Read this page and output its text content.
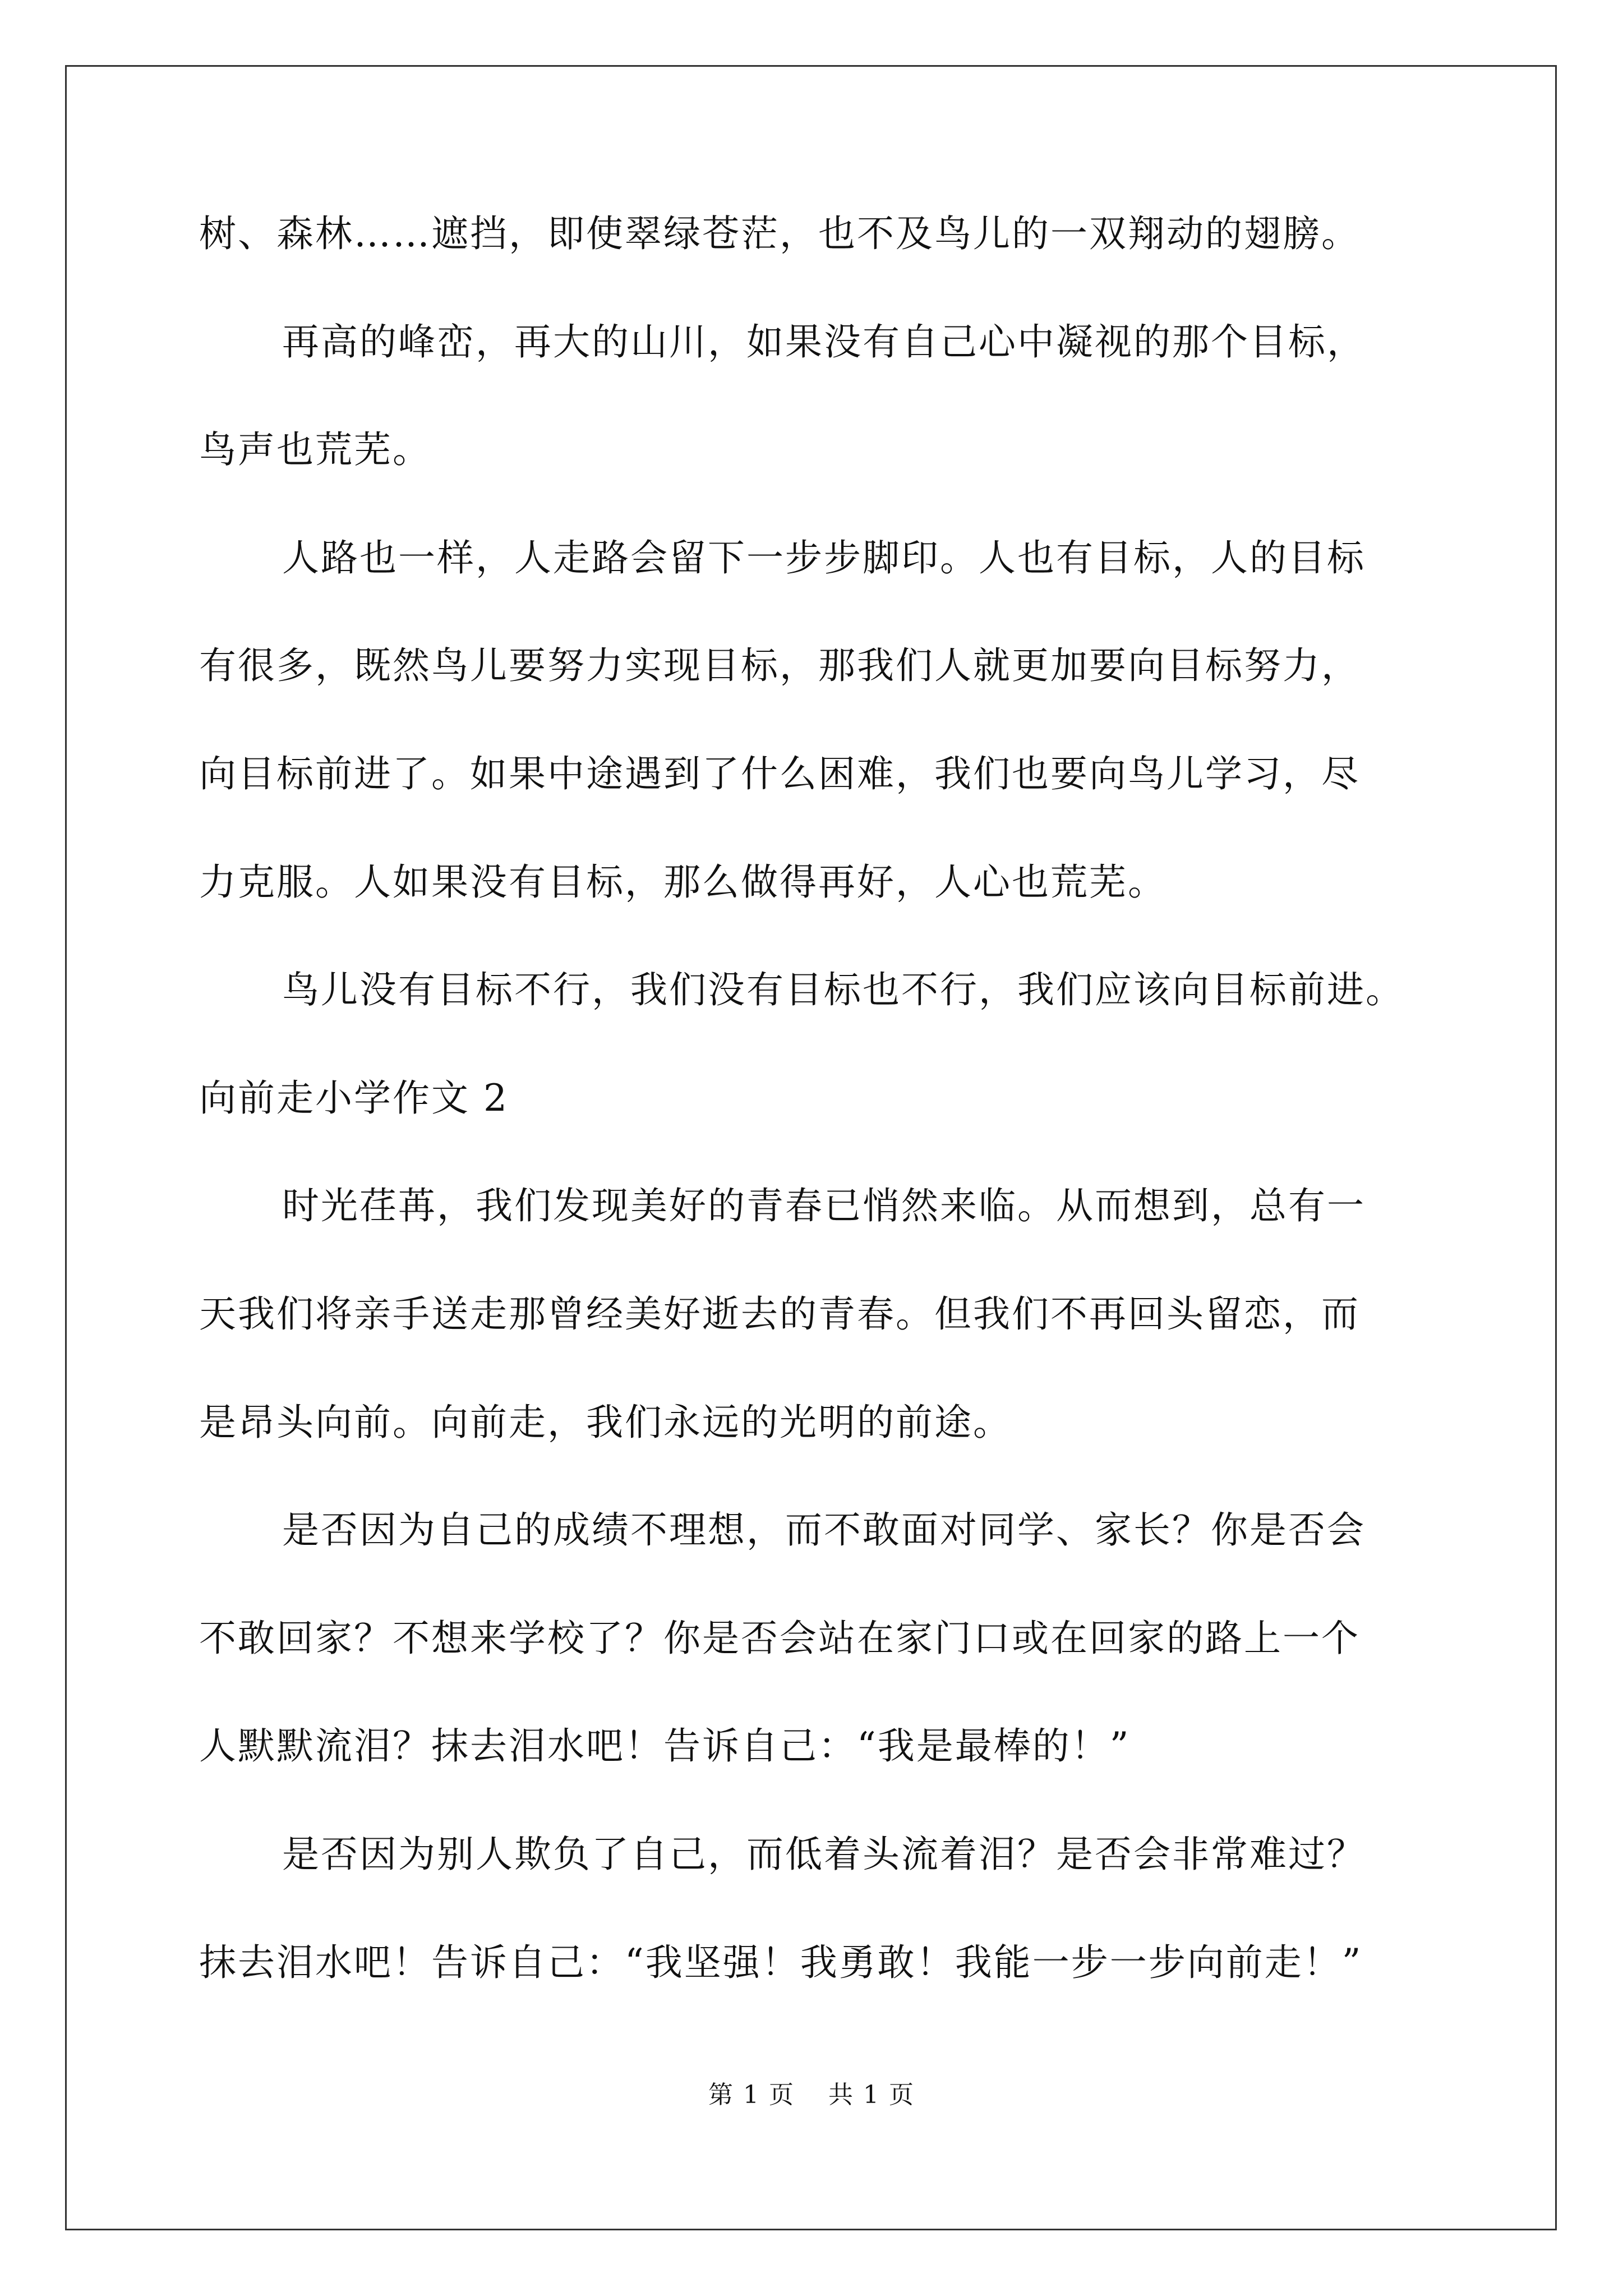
树、森林……遮挡，即使翠绿苍茫，也不及鸟儿的一双翔动的翅膀。
再高的峰峦，再大的山川，如果没有自己心中凝视的那个目标，
鸟声也荒芜。
人路也一样，人走路会留下一步步脚印。人也有目标，人的目标
有很多，既然鸟儿要努力实现目标，那我们人就更加要向目标努力，
向目标前进了。如果中途遇到了什么困难，我们也要向鸟儿学习，尽
力克服。人如果没有目标，那么做得再好，人心也荒芜。
鸟儿没有目标不行，我们没有目标也不行，我们应该向目标前进。
向前走小学作文 2
时光荏苒，我们发现美好的青春已悄然来临。从而想到，总有一
天我们将亲手送走那曾经美好逝去的青春。但我们不再回头留恋，而
是昂头向前。向前走，我们永远的光明的前途。
是否因为自己的成绩不理想，而不敢面对同学、家长？你是否会
不敢回家？不想来学校了？你是否会站在家门口或在回家的路上一个
人默默流泪？抹去泪水吧！告诉自己：“我是最棒的！”
是否因为别人欺负了自己，而低着头流着泪？是否会非常难过？
抹去泪水吧！告诉自己：“我坚强！我勇敢！我能一步一步向前走！”
第 1 页 共 1 页
